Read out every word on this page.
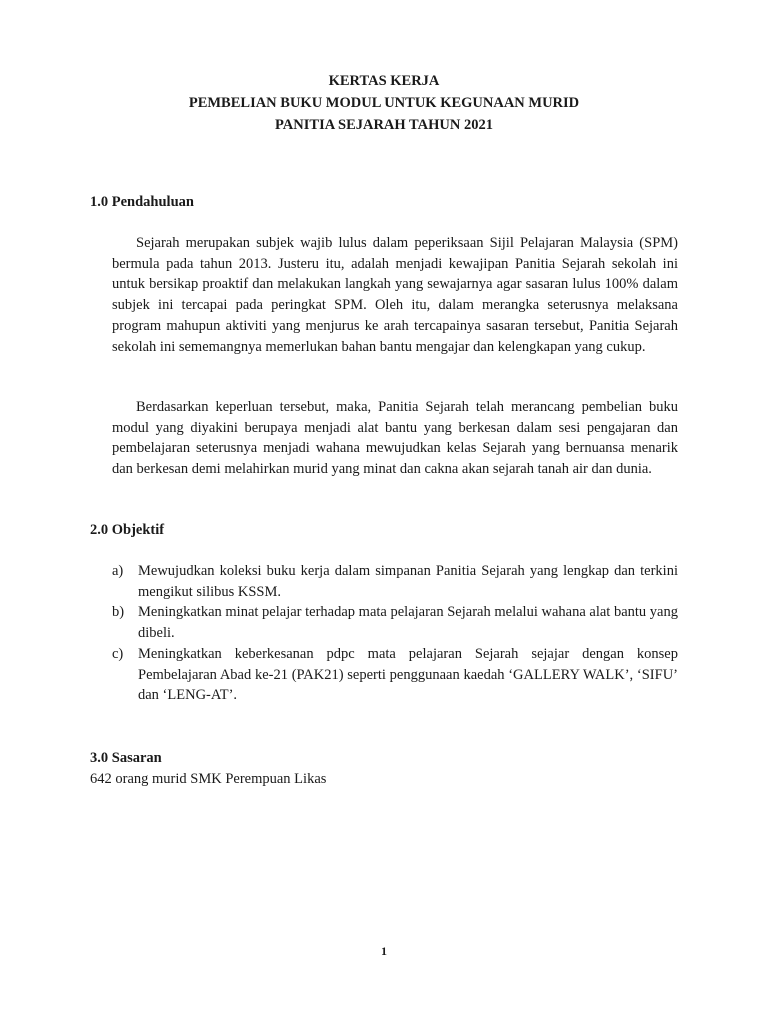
KERTAS KERJA
PEMBELIAN BUKU MODUL UNTUK KEGUNAAN MURID
PANITIA SEJARAH TAHUN 2021
1.0 Pendahuluan
Sejarah merupakan subjek wajib lulus dalam peperiksaan Sijil Pelajaran Malaysia (SPM) bermula pada tahun 2013. Justeru itu, adalah menjadi kewajipan Panitia Sejarah sekolah ini untuk bersikap proaktif dan melakukan langkah yang sewajarnya agar sasaran lulus 100% dalam subjek ini tercapai pada peringkat SPM. Oleh itu, dalam merangka seterusnya melaksana program mahupun aktiviti yang menjurus ke arah tercapainya sasaran tersebut, Panitia Sejarah sekolah ini sememangnya memerlukan bahan bantu mengajar dan kelengkapan yang cukup.
Berdasarkan keperluan tersebut, maka, Panitia Sejarah telah merancang pembelian buku modul yang diyakini berupaya menjadi alat bantu yang berkesan dalam sesi pengajaran dan pembelajaran seterusnya menjadi wahana mewujudkan kelas Sejarah yang bernuansa menarik dan berkesan demi melahirkan murid yang minat dan cakna akan sejarah tanah air dan dunia.
2.0 Objektif
a)	Mewujudkan koleksi buku kerja dalam simpanan Panitia Sejarah yang lengkap dan terkini mengikut silibus KSSM.
b) Meningkatkan minat pelajar terhadap mata pelajaran Sejarah melalui wahana alat bantu yang dibeli.
c)	Meningkatkan keberkesanan pdpc mata pelajaran Sejarah sejajar dengan konsep Pembelajaran Abad ke-21 (PAK21) seperti penggunaan kaedah ‘GALLERY WALK’, ‘SIFU’ dan ‘LENG-AT’.
3.0 Sasaran
642 orang murid SMK Perempuan Likas
1
